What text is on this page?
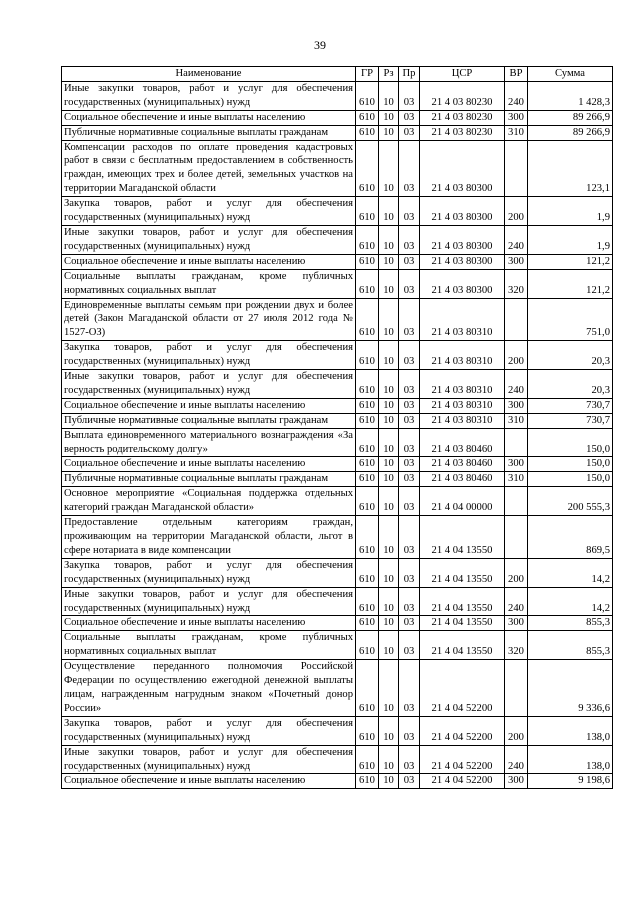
39
Наименование	ГР	Рз	Пр	ЦСР	ВР	Сумма
Иные закупки товаров, работ и услуг для обеспечения государственных (муниципальных) нужд	610	10	03	21 4 03 80230	240	1 428,3
Социальное обеспечение и иные выплаты населению	610	10	03	21 4 03 80230	300	89 266,9
Публичные нормативные социальные выплаты гражданам	610	10	03	21 4 03 80230	310	89 266,9
Компенсации расходов по оплате проведения кадастровых работ в связи с бесплатным предоставлением в собственность граждан, имеющих трех и более детей, земельных участков на территории Магаданской области	610	10	03	21 4 03 80300		123,1
Закупка товаров, работ и услуг для обеспечения государственных (муниципальных) нужд	610	10	03	21 4 03 80300	200	1,9
Иные закупки товаров, работ и услуг для обеспечения государственных (муниципальных) нужд	610	10	03	21 4 03 80300	240	1,9
Социальное обеспечение и иные выплаты населению	610	10	03	21 4 03 80300	300	121,2
Социальные выплаты гражданам, кроме публичных нормативных социальных выплат	610	10	03	21 4 03 80300	320	121,2
Единовременные выплаты семьям при рождении двух и более детей (Закон Магаданской области от 27 июля 2012 года № 1527-ОЗ)	610	10	03	21 4 03 80310		751,0
Закупка товаров, работ и услуг для обеспечения государственных (муниципальных) нужд	610	10	03	21 4 03 80310	200	20,3
Иные закупки товаров, работ и услуг для обеспечения государственных (муниципальных) нужд	610	10	03	21 4 03 80310	240	20,3
Социальное обеспечение и иные выплаты населению	610	10	03	21 4 03 80310	300	730,7
Публичные нормативные социальные выплаты гражданам	610	10	03	21 4 03 80310	310	730,7
Выплата единовременного материального вознаграждения «За верность родительскому долгу»	610	10	03	21 4 03 80460		150,0
Социальное обеспечение и иные выплаты населению	610	10	03	21 4 03 80460	300	150,0
Публичные нормативные социальные выплаты гражданам	610	10	03	21 4 03 80460	310	150,0
Основное мероприятие «Социальная поддержка отдельных категорий граждан Магаданской области»	610	10	03	21 4 04 00000		200 555,3
Предоставление отдельным категориям граждан, проживающим на территории Магаданской области, льгот в сфере нотариата в виде компенсации	610	10	03	21 4 04 13550		869,5
Закупка товаров, работ и услуг для обеспечения государственных (муниципальных) нужд	610	10	03	21 4 04 13550	200	14,2
Иные закупки товаров, работ и услуг для обеспечения государственных (муниципальных) нужд	610	10	03	21 4 04 13550	240	14,2
Социальное обеспечение и иные выплаты населению	610	10	03	21 4 04 13550	300	855,3
Социальные выплаты гражданам, кроме публичных нормативных социальных выплат	610	10	03	21 4 04 13550	320	855,3
Осуществление переданного полномочия Российской Федерации по осуществлению ежегодной денежной выплаты лицам, награжденным нагрудным знаком «Почетный донор России»	610	10	03	21 4 04 52200		9 336,6
Закупка товаров, работ и услуг для обеспечения государственных (муниципальных) нужд	610	10	03	21 4 04 52200	200	138,0
Иные закупки товаров, работ и услуг для обеспечения государственных (муниципальных) нужд	610	10	03	21 4 04 52200	240	138,0
Социальное обеспечение и иные выплаты населению	610	10	03	21 4 04 52200	300	9 198,6
